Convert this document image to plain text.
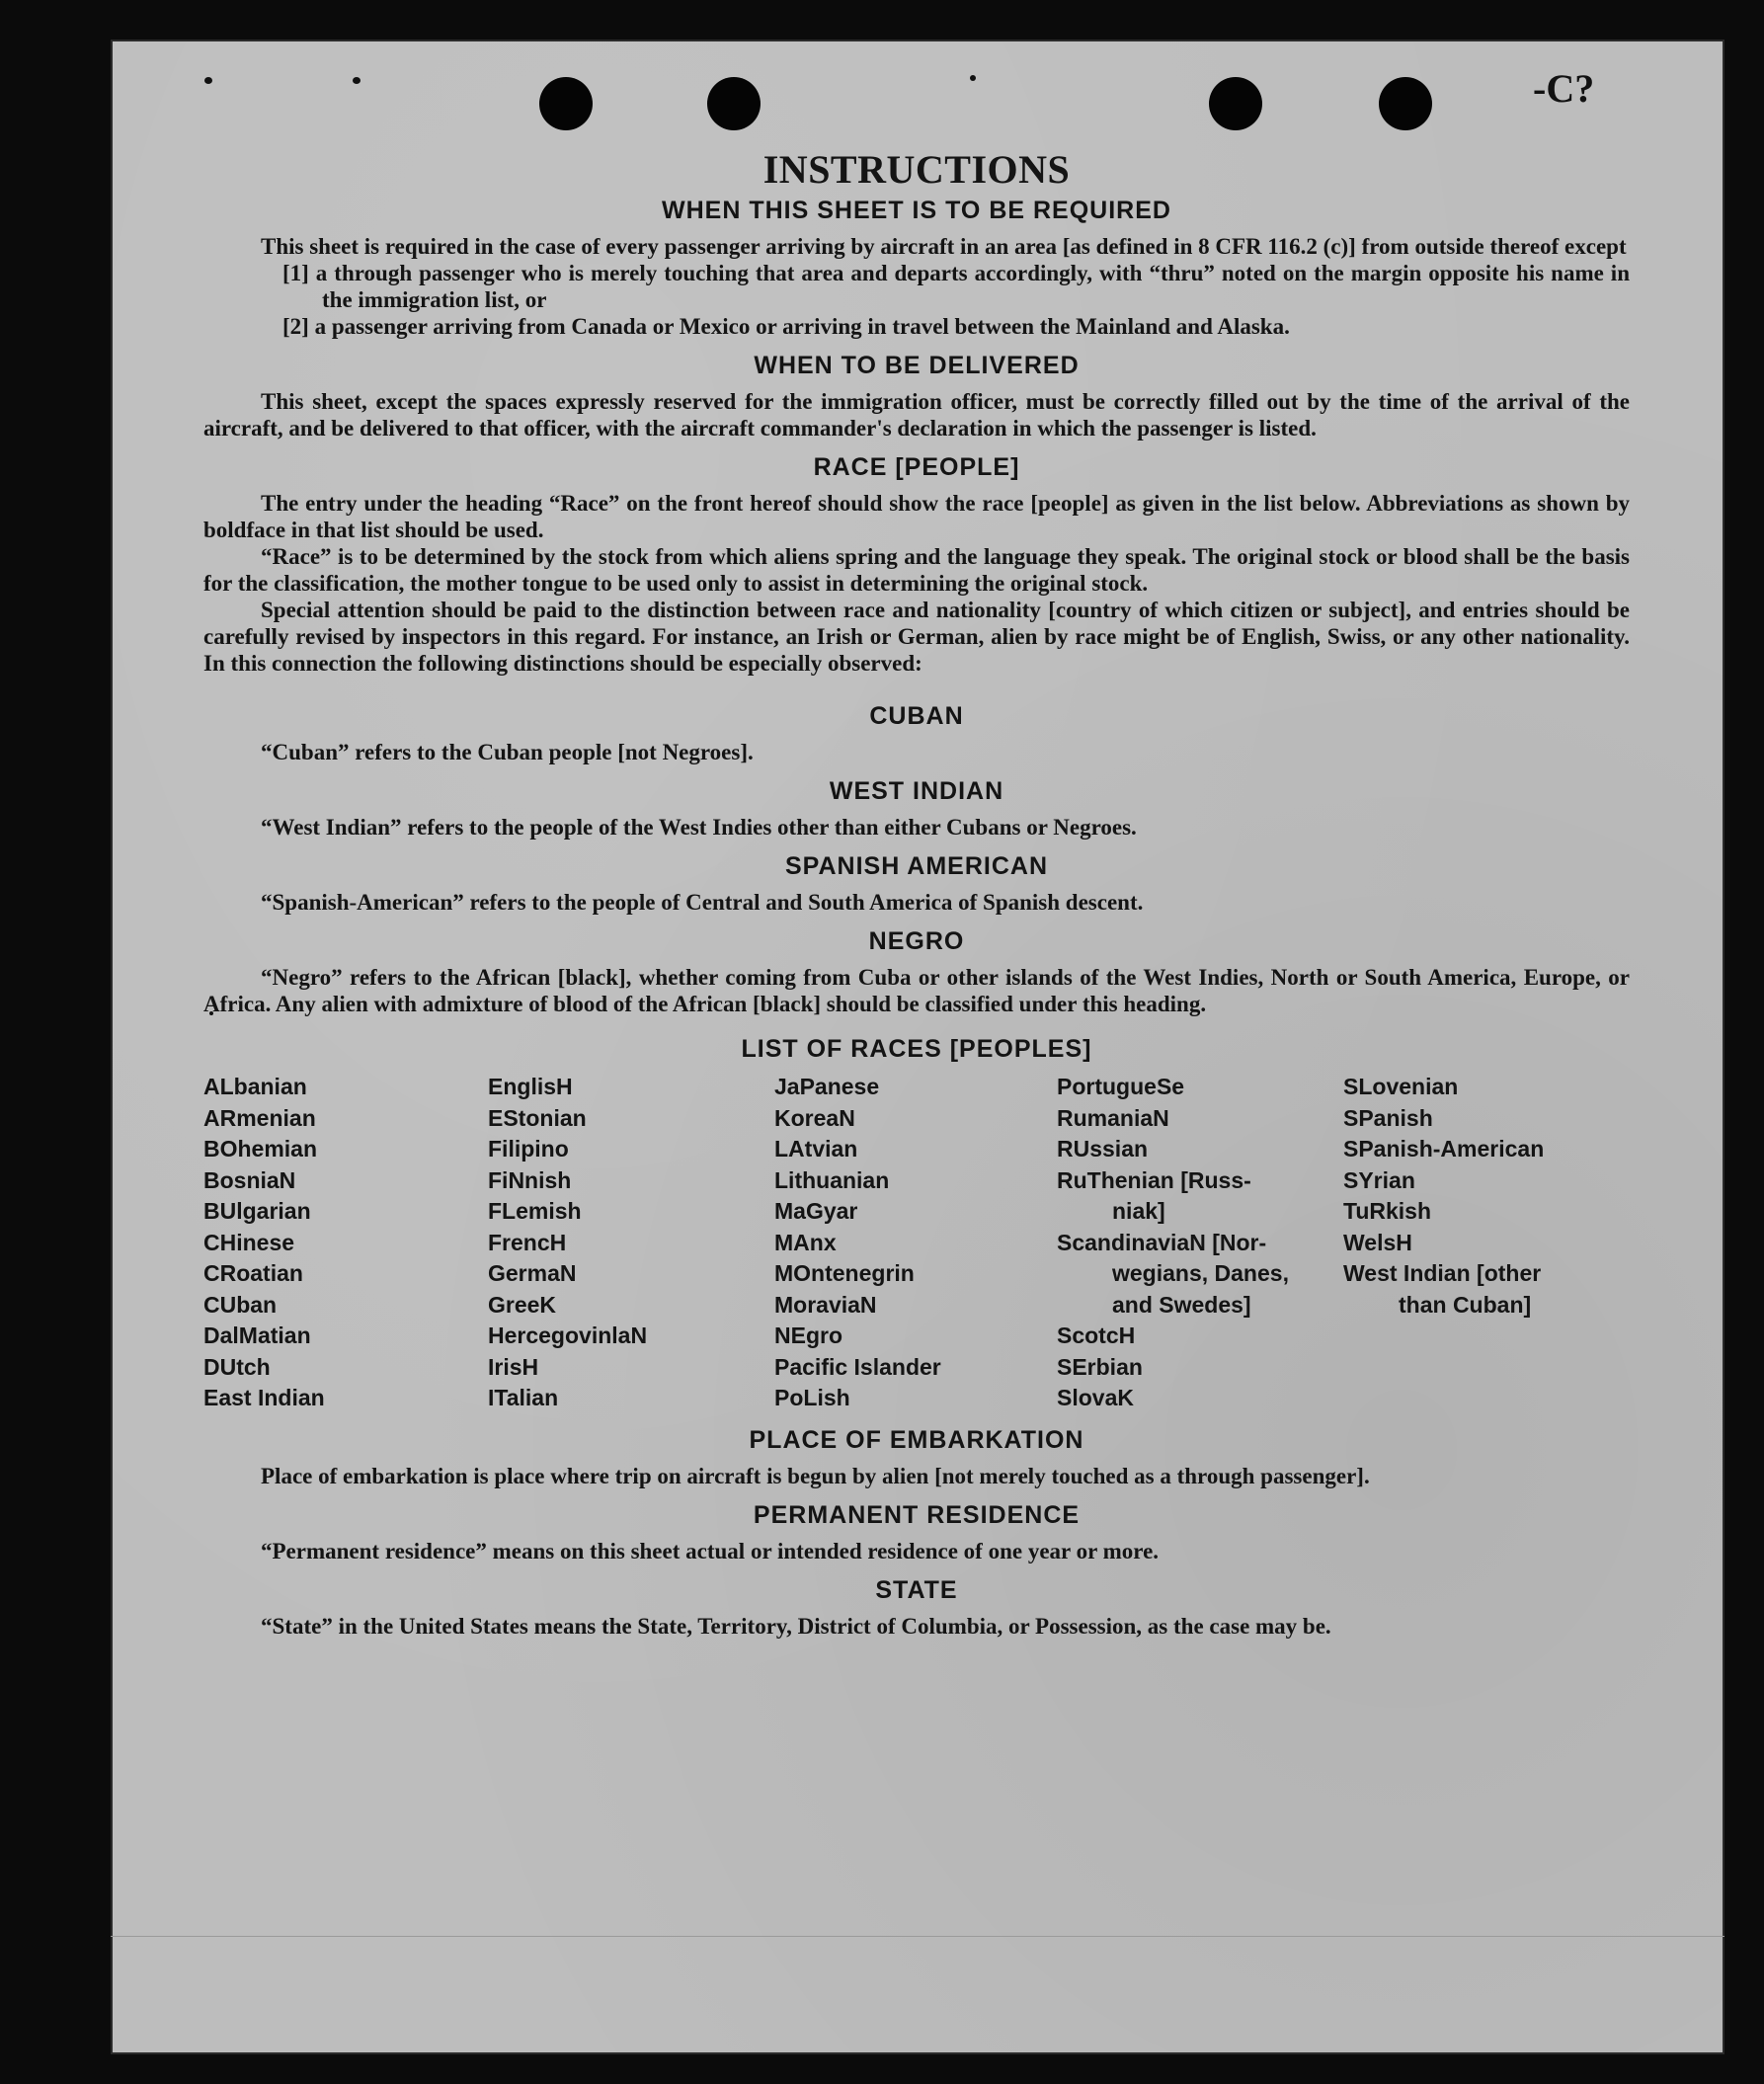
-C?
INSTRUCTIONS
WHEN THIS SHEET IS TO BE REQUIRED

This sheet is required in the case of every passenger arriving by aircraft in an area [as defined in 8 CFR 116.2 (c)] from outside thereof except

[1] a through passenger who is merely touching that area and departs accordingly, with “thru” noted on the margin opposite his name in the immigration list, or

[2] a passenger arriving from Canada or Mexico or arriving in travel between the Mainland and Alaska.

WHEN TO BE DELIVERED

This sheet, except the spaces expressly reserved for the immigration officer, must be correctly filled out by the time of the arrival of the aircraft, and be delivered to that officer, with the aircraft commander's declaration in which the passenger is listed.

RACE [PEOPLE]

The entry under the heading “Race” on the front hereof should show the race [people] as given in the list below. Abbreviations as shown by boldface in that list should be used.

“Race” is to be determined by the stock from which aliens spring and the language they speak. The original stock or blood shall be the basis for the classification, the mother tongue to be used only to assist in determining the original stock.

Special attention should be paid to the distinction between race and nationality [country of which citizen or subject], and entries should be carefully revised by inspectors in this regard. For instance, an Irish or German, alien by race might be of English, Swiss, or any other nationality. In this connection the following distinctions should be especially observed:

CUBAN

“Cuban” refers to the Cuban people [not Negroes].

WEST INDIAN

“West Indian” refers to the people of the West Indies other than either Cubans or Negroes.

SPANISH AMERICAN

“Spanish-American” refers to the people of Central and South America of Spanish descent.

NEGRO

“Negro” refers to the African [black], whether coming from Cuba or other islands of the West Indies, North or South America, Europe, or Africa. Any alien with admixture of blood of the African [black] should be classified under this heading.

LIST OF RACES [PEOPLES]
ALbanian
ARmenian
BOhemian
BosniaN
BUlgarian
CHinese
CRoatian
CUban
DalMatian
DUtch
East Indian
EnglisH
EStonian
Filipino
FiNnish
FLemish
FrencH
GermaN
GreeK
HercegovinlaN
IrisH
ITalian
JaPanese
KoreaN
LAtvian
Lithuanian
MaGyar
MAnx
MOntenegrin
MoraviaN
NEgro
Pacific Islander
PoLish
PortugueSe
RumaniaN
RUssian
RuThenian [Russ-
niak]
ScandinaviaN [Nor-
wegians, Danes,
and Swedes]
ScotcH
SErbian
SlovaK
SLovenian
SPanish
SPanish-American
SYrian
TuRkish
WelsH
West Indian [other
than Cuban]
PLACE OF EMBARKATION

Place of embarkation is place where trip on aircraft is begun by alien [not merely touched as a through passenger].

PERMANENT RESIDENCE

“Permanent residence” means on this sheet actual or intended residence of one year or more.

STATE

“State” in the United States means the State, Territory, District of Columbia, or Possession, as the case may be.
